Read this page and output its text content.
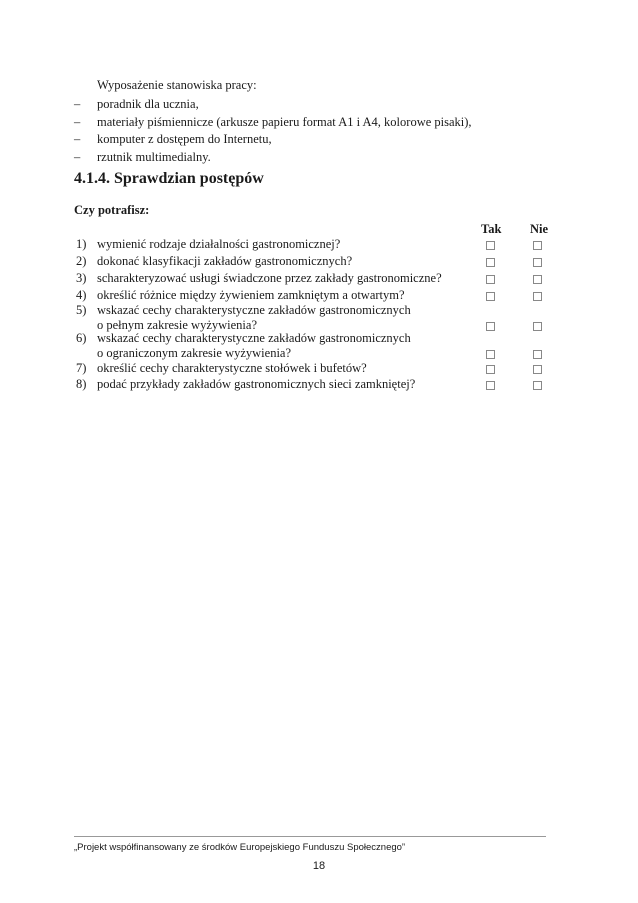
Wyposażenie stanowiska pracy:
–	poradnik dla ucznia,
–	materiały piśmiennicze (arkusze papieru format A1 i A4, kolorowe pisaki),
–	komputer z dostępem do Internetu,
–	rzutnik multimedialny.
4.1.4. Sprawdzian postępów
Czy potrafisz:
Tak Nie
1) wymienić rodzaje działalności gastronomicznej?
2) dokonać klasyfikacji zakładów gastronomicznych?
3) scharakteryzować usługi świadczone przez zakłady gastronomiczne?
4) określić różnice między żywieniem zamkniętym a otwartym?
5) wskazać cechy charakterystyczne zakładów gastronomicznych
o pełnym zakresie wyżywienia?
6) wskazać cechy charakterystyczne zakładów gastronomicznych
o ograniczonym zakresie wyżywienia?
7) określić cechy charakterystyczne stołówek i bufetów?
8) podać przykłady zakładów gastronomicznych sieci zamkniętej?
„Projekt współfinansowany ze środków Europejskiego Funduszu Społecznego”
18
